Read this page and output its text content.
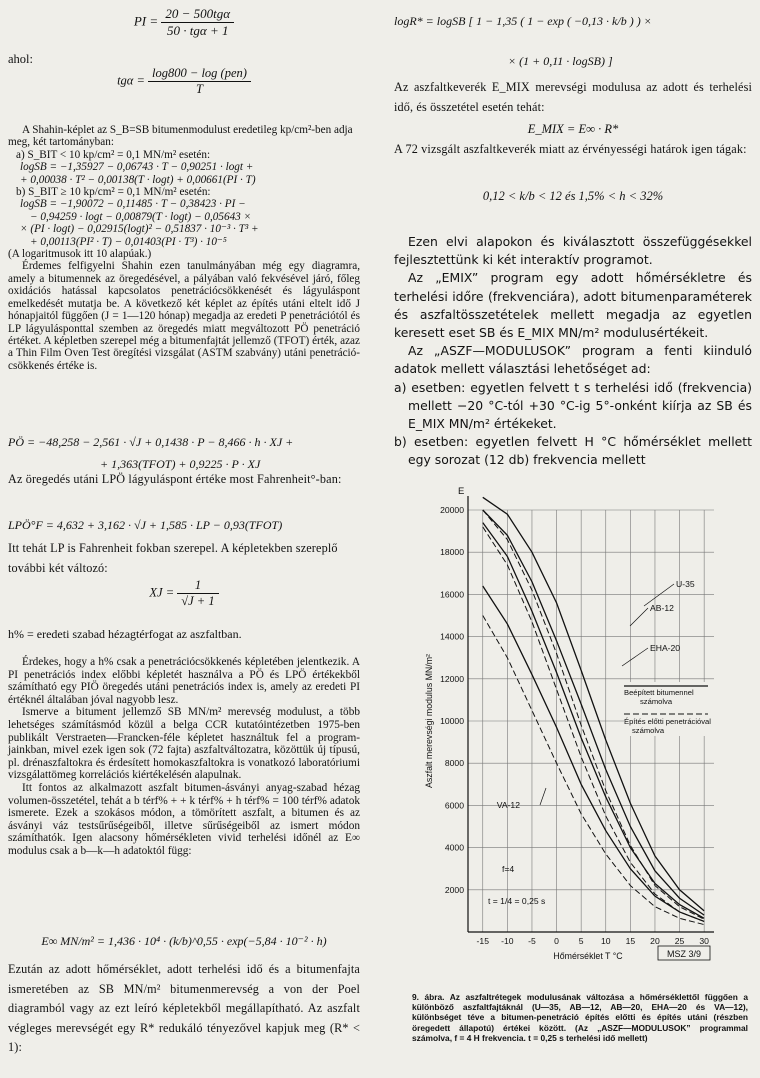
PI = $\frac{\text{20 − 500tgα}}{\text{50 · tgα + 1}}$
ahol:
$tg\alpha = \frac{\text{log800 − log (pen)}}{T}$

A Shahin-képlet az S_B=SB bitumenmodulust eredetileg kp/cm²-ben adja meg, két tartományban:

a) S_BIT < 10 kp/cm² = 0,1 MN/m² esetén:

logSB = −1,35927 − 0,06743 · T − 0,90251 · logt +

+ 0,00038 · T² − 0,00138(T · logt) + 0,00661(PI · T)

b) S_BIT ≥ 10 kp/cm² = 0,1 MN/m² esetén:

logSB = −1,90072 − 0,11485 · T − 0,38423 · PI −

− 0,94259 · logt − 0,00879(T · logt) − 0,05643 ×

× (PI · logt) − 0,02915(logt)² − 0,51837 · 10⁻³ · T³ +

+ 0,00113(PI² · T) − 0,01403(PI · T³) · 10⁻⁵

(A logaritmusok itt 10 alapúak.)

Érdemes felfigyelni Shahin ezen tanulmányában még egy diagramra, amely a bitumennek az öregedésével, a pályában való fekvésével járó, főleg oxidációs hatással kapcsolatos penetrációcsökkenését és lágyuláspont emelkedését mutatja be. A következő két képlet az építés utáni eltelt idő J hónapjaitól függően (J = 1—120 hónap) megadja az eredeti P penetrációtól és LP lágyulásponttal szemben az öregedés miatt megváltozott PÖ penetráció értéket. A képletben szerepel még a bitumenfajtát jellemző (TFOT) érték, azaz a Thin Film Oven Test öregítési vizsgálat (ASTM szabvány) utáni penetrációcsökkenés értéke is.

PÖ = −48,258 − 2,561 · √J + 0,1438 · P − 8,466 · h · XJ +

+ 1,363(TFOT) + 0,9225 · P · XJ

Az öregedés utáni LPÖ lágyuláspont értéke most Fahrenheit°-ban:
LPÖ°F = 4,632 + 3,162 · √J + 1,585 · LP − 0,93(TFOT)
Itt tehát LP is Fahrenheit fokban szerepel. A képletekben szereplő további két változó:
XJ = $\frac{1}{√J + 1}$
h% = eredeti szabad hézagtérfogat az aszfaltban.

Érdekes, hogy a h% csak a penetrációcsökkenés képletében jelentkezik. A PI penetrációs index előbbi képletét használva a PÖ és LPÖ értékekből számítható egy PIÖ öregedés utáni penetrációs index is, amely az eredeti PI értéknél általában jóval nagyobb lesz.

Ismerve a bitument jellemző SB MN/m² merevség modulust, a több lehetséges számításmód közül a belga CCR kutatóintézetben 1975-ben publikált Verstraeten—Francken-féle képletet használtuk fel a programjainkban, mivel ezek igen sok (72 fajta) aszfaltváltozatra, közöttük új típusú, pl. drénaszfaltokra és érdesített homokaszfaltokra is vonatkozó laboratóriumi vizsgálattömeg korrelációs kiértékelésén alapulnak.

Itt fontos az alkalmazott aszfalt bitumen-ásványi anyag-szabad hézag volumen-összetétel, tehát a b térf% + + k térf% + h térf% = 100 térf% adatok ismerete. Ezek a szokásos módon, a tömörített aszfalt, a bitumen és az ásványi váz testsűrűségeiből, illetve sűrűségeiből az ismert módon számíthatók. Igen alacsony hőmérsékleten vivid terhelési időnél az E∞ modulus csak a b—k—h adatoktól függ:

E∞ MN/m² = 1,436 · 10⁴ · (k/b)^0,55 · exp(−5,84 · 10⁻² · h)
Ezután az adott hőmérséklet, adott terhelési idő és a bitumenfajta ismeretében az SB MN/m² bitumenmerevség a von der Poel diagramból vagy az ezt leíró képletekből megállapítható. Az aszfalt végleges merevségét egy R* redukáló tényezővel kapjuk meg (R* < 1):
logR* = logSB [ 1 − 1,35 ( 1 − exp ( −0,13 · k/b ) ) ×
× (1 + 0,11 · logSB) ]
Az aszfaltkeverék E_MIX merevségi modulusa az adott és terhelési idő, és összetétel esetén tehát:
E_MIX = E∞ · R*
A 72 vizsgált aszfaltkeverék miatt az érvényességi határok igen tágak:
0,12 < k/b < 12 és 1,5% < h < 32%

Ezen elvi alapokon és kiválasztott összefüggésekkel fejlesztettünk ki két interaktív programot.

Az „EMIX” program egy adott hőmérsékletre és terhelési időre (frekvenciára), adott bitumenparaméterek és aszfaltösszetételek mellett megadja az egyetlen keresett eset SB és E_MIX MN/m² modulusértékeit.

Az „ASZF—MODULUSOK” program a fenti kiinduló adatok mellett választási lehetőséget ad:

a) esetben: egyetlen felvett t s terhelési idő (frekvencia) mellett −20 °C-tól +30 °C-ig 5°-onként kiírja az SB és E_MIX MN/m² értékeket.

b) esetben: egyetlen felvett H °C hőmérséklet mellett egy sorozat (12 db) frekvencia mellett

2000
4000
6000
8000
10000
12000
14000
16000
18000
20000
-15 -10 -5 0 5 10 15 20 25 30
E
Hőmérséklet T °C
Aszfalt merevségi modulus MN/m²
U-35
AB-12
EHA-20
VA-12
Beépített bitumennel
számolva
Építés előtti penetrációval
számolva
f=4
t = 1/4 = 0,25 s
MSZ 3/9
9. ábra. Az aszfaltrétegek modulusának változása a hőmérséklettől függően a különböző aszfaltfajtáknál (U—35, AB—12, AB—20, EHA—20 és VA—12), különbséget téve a bitumen-penetráció építés előtti és építés utáni (részben öregedett állapotú) értékei között. (Az „ASZF—MODULUSOK” programmal számolva, f = 4 H frekvencia. t = 0,25 s terhelési idő mellett)
